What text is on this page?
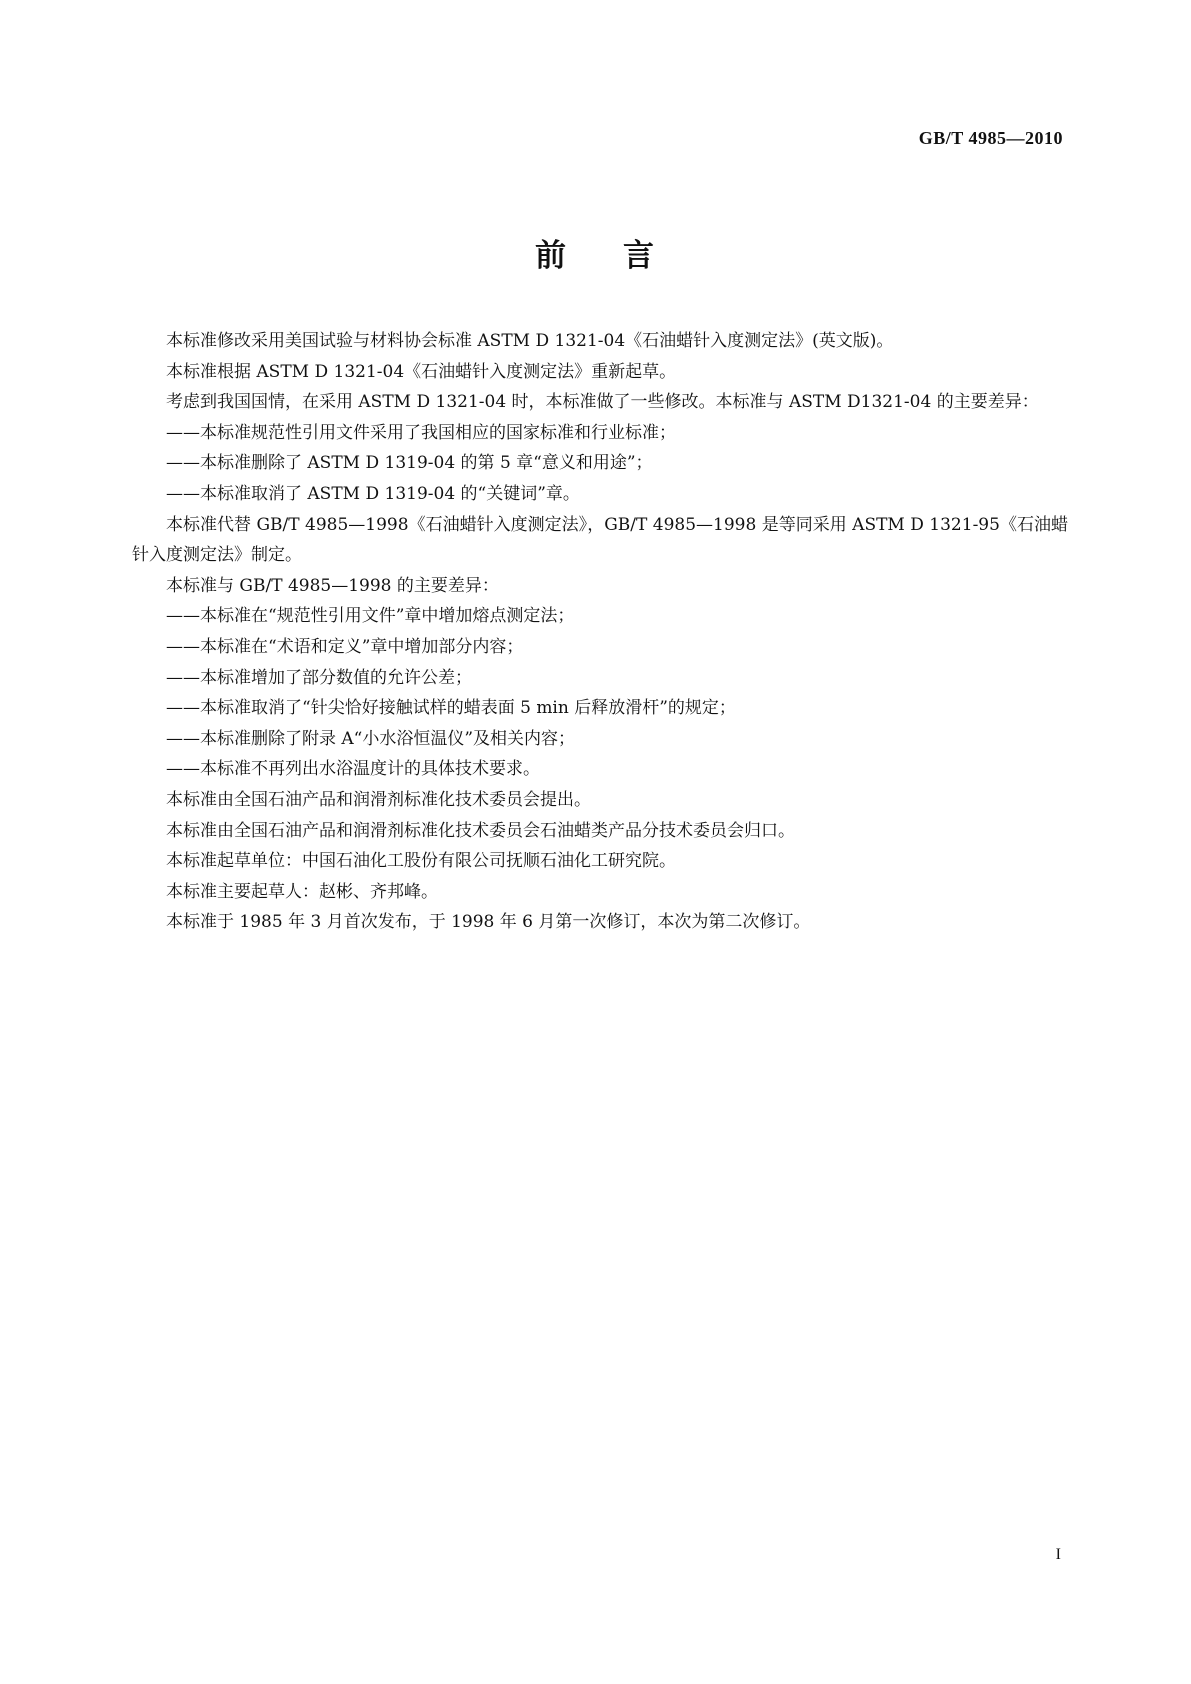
GB/T 4985—2010
前 言

本标准修改采用美国试验与材料协会标准 ASTM D 1321-04《石油蜡针入度测定法》(英文版)。

本标准根据 ASTM D 1321-04《石油蜡针入度测定法》重新起草。

考虑到我国国情，在采用 ASTM D 1321-04 时，本标准做了一些修改。本标准与 ASTM D1321-04 的主要差异：

——本标准规范性引用文件采用了我国相应的国家标准和行业标准；

——本标准删除了 ASTM D 1319-04 的第 5 章“意义和用途”；

——本标准取消了 ASTM D 1319-04 的“关键词”章。

本标准代替 GB/T 4985—1998《石油蜡针入度测定法》，GB/T 4985—1998 是等同采用 ASTM D 1321-95《石油蜡针入度测定法》制定。

本标准与 GB/T 4985—1998 的主要差异：

——本标准在“规范性引用文件”章中增加熔点测定法；

——本标准在“术语和定义”章中增加部分内容；

——本标准增加了部分数值的允许公差；

——本标准取消了“针尖恰好接触试样的蜡表面 5 min 后释放滑杆”的规定；

——本标准删除了附录 A“小水浴恒温仪”及相关内容；

——本标准不再列出水浴温度计的具体技术要求。

本标准由全国石油产品和润滑剂标准化技术委员会提出。

本标准由全国石油产品和润滑剂标准化技术委员会石油蜡类产品分技术委员会归口。

本标准起草单位：中国石油化工股份有限公司抚顺石油化工研究院。

本标准主要起草人：赵彬、齐邦峰。

本标准于 1985 年 3 月首次发布，于 1998 年 6 月第一次修订，本次为第二次修订。

I
